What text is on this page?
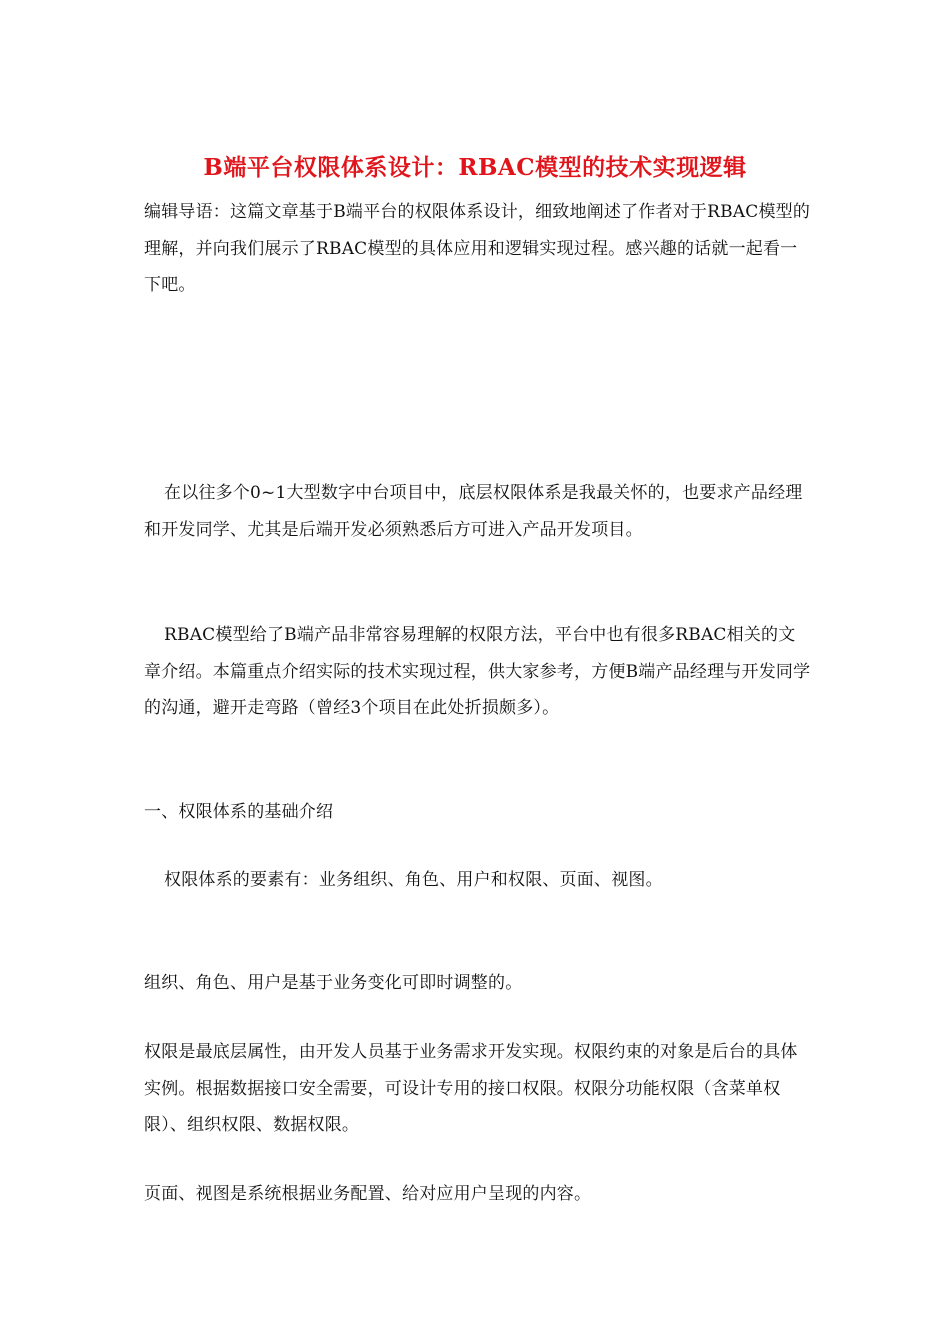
B端平台权限体系设计：RBAC模型的技术实现逻辑

编辑导语：这篇文章基于B端平台的权限体系设计，细致地阐述了作者对于RBAC模型的理解，并向我们展示了RBAC模型的具体应用和逻辑实现过程。感兴趣的话就一起看一下吧。

在以往多个0~1大型数字中台项目中，底层权限体系是我最关怀的，也要求产品经理和开发同学、尤其是后端开发必须熟悉后方可进入产品开发项目。

RBAC模型给了B端产品非常容易理解的权限方法，平台中也有很多RBAC相关的文章介绍。本篇重点介绍实际的技术实现过程，供大家参考，方便B端产品经理与开发同学的沟通，避开走弯路（曾经3个项目在此处折损颇多）。

一、权限体系的基础介绍

权限体系的要素有：业务组织、角色、用户和权限、页面、视图。

组织、角色、用户是基于业务变化可即时调整的。

权限是最底层属性，由开发人员基于业务需求开发实现。权限约束的对象是后台的具体实例。根据数据接口安全需要，可设计专用的接口权限。权限分功能权限（含菜单权限）、组织权限、数据权限。

页面、视图是系统根据业务配置、给对应用户呈现的内容。
